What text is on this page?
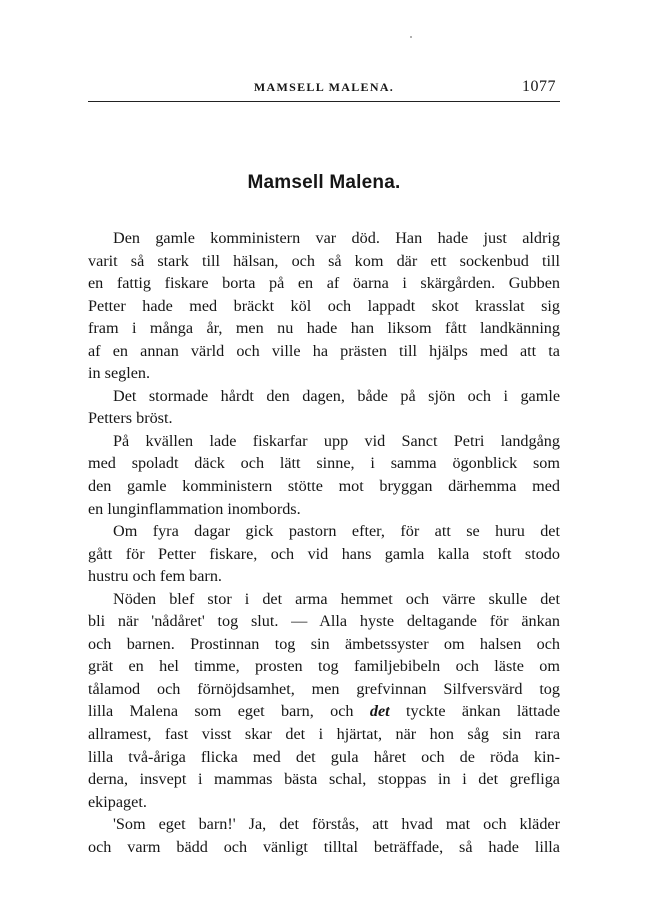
MAMSELL MALENA.	1077
Mamsell Malena.
Den gamle komministern var död. Han hade just aldrig
varit så stark till hälsan, och så kom där ett sockenbud till
en fattig fiskare borta på en af öarna i skärgården. Gubben
Petter hade med bräckt köl och lappadt skot krasslat sig
fram i många år, men nu hade han liksom fått landkänning
af en annan värld och ville ha prästen till hjälps med att ta
in seglen.
Det stormade hårdt den dagen, både på sjön och i gamle
Petters bröst.
På kvällen lade fiskarfar upp vid Sanct Petri landgång
med spoladt däck och lätt sinne, i samma ögonblick som
den gamle komministern stötte mot bryggan därhemma med
en lunginflammation inombords.
Om fyra dagar gick pastorn efter, för att se huru det
gått för Petter fiskare, och vid hans gamla kalla stoft stodo
hustru och fem barn.
Nöden blef stor i det arma hemmet och värre skulle det
bli när 'nådåret' tog slut. — Alla hyste deltagande för änkan
och barnen. Prostinnan tog sin ämbetssyster om halsen och
grät en hel timme, prosten tog familjebibeln och läste om
tålamod och förnöjdsamhet, men grefvinnan Silfversvärd tog
lilla Malena som eget barn, och det tyckte änkan lättade
allramest, fast visst skar det i hjärtat, när hon såg sin rara
lilla två-åriga flicka med det gula håret och de röda kin-
derna, insvept i mammas bästa schal, stoppas in i det grefliga
ekipaget.
'Som eget barn!' Ja, det förstås, att hvad mat och kläder
och varm bädd och vänligt tilltal beträffade, så hade lilla
